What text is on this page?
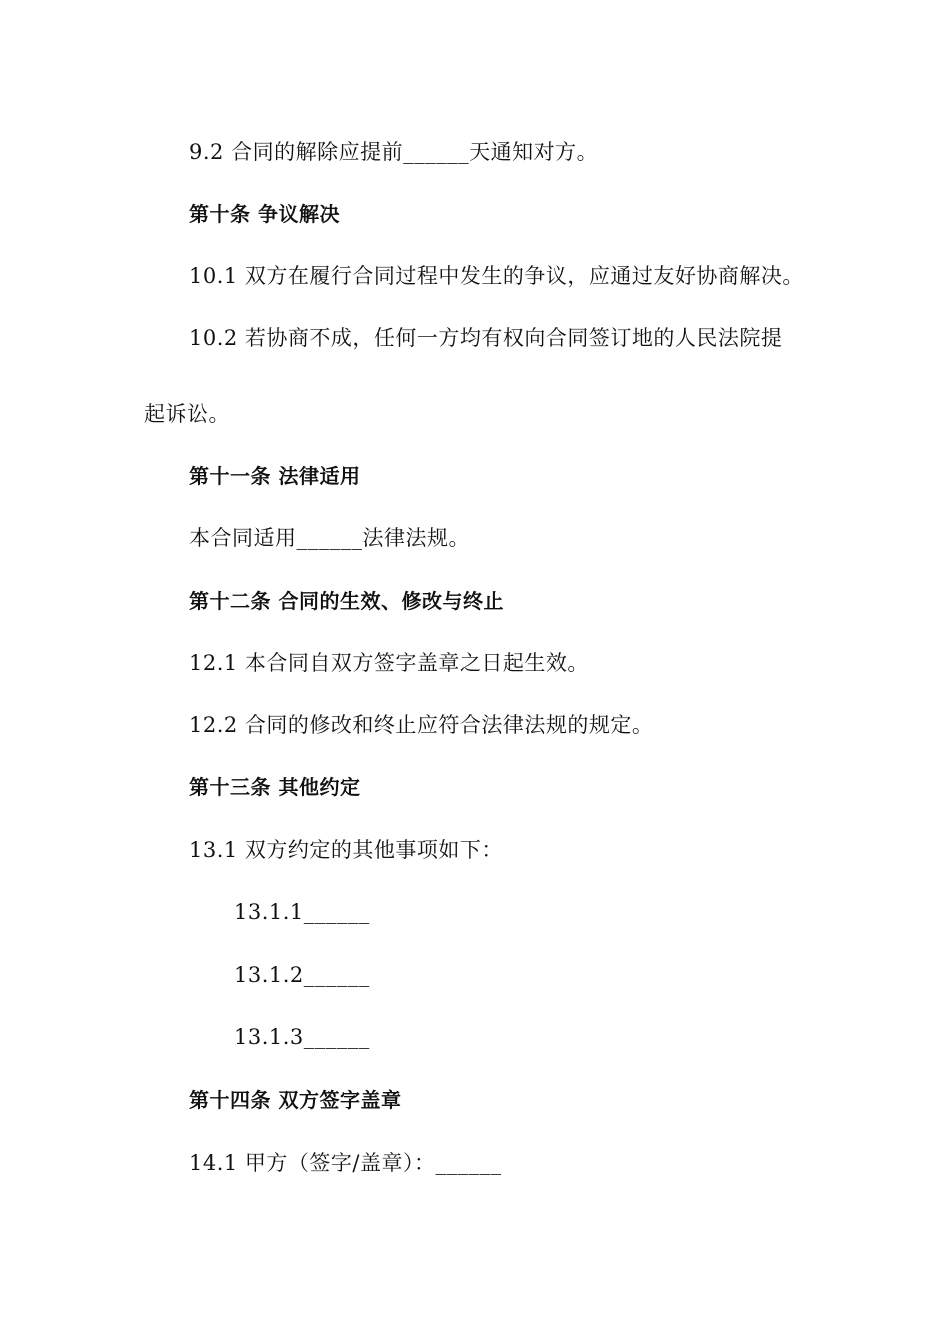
9.2 合同的解除应提前______天通知对方。
第十条 争议解决
10.1 双方在履行合同过程中发生的争议，应通过友好协商解决。
10.2 若协商不成，任何一方均有权向合同签订地的人民法院提
起诉讼。
第十一条 法律适用
本合同适用______法律法规。
第十二条 合同的生效、修改与终止
12.1 本合同自双方签字盖章之日起生效。
12.2 合同的修改和终止应符合法律法规的规定。
第十三条 其他约定
13.1 双方约定的其他事项如下：
13.1.1______
13.1.2______
13.1.3______
第十四条 双方签字盖章
14.1 甲方（签字/盖章）：______
